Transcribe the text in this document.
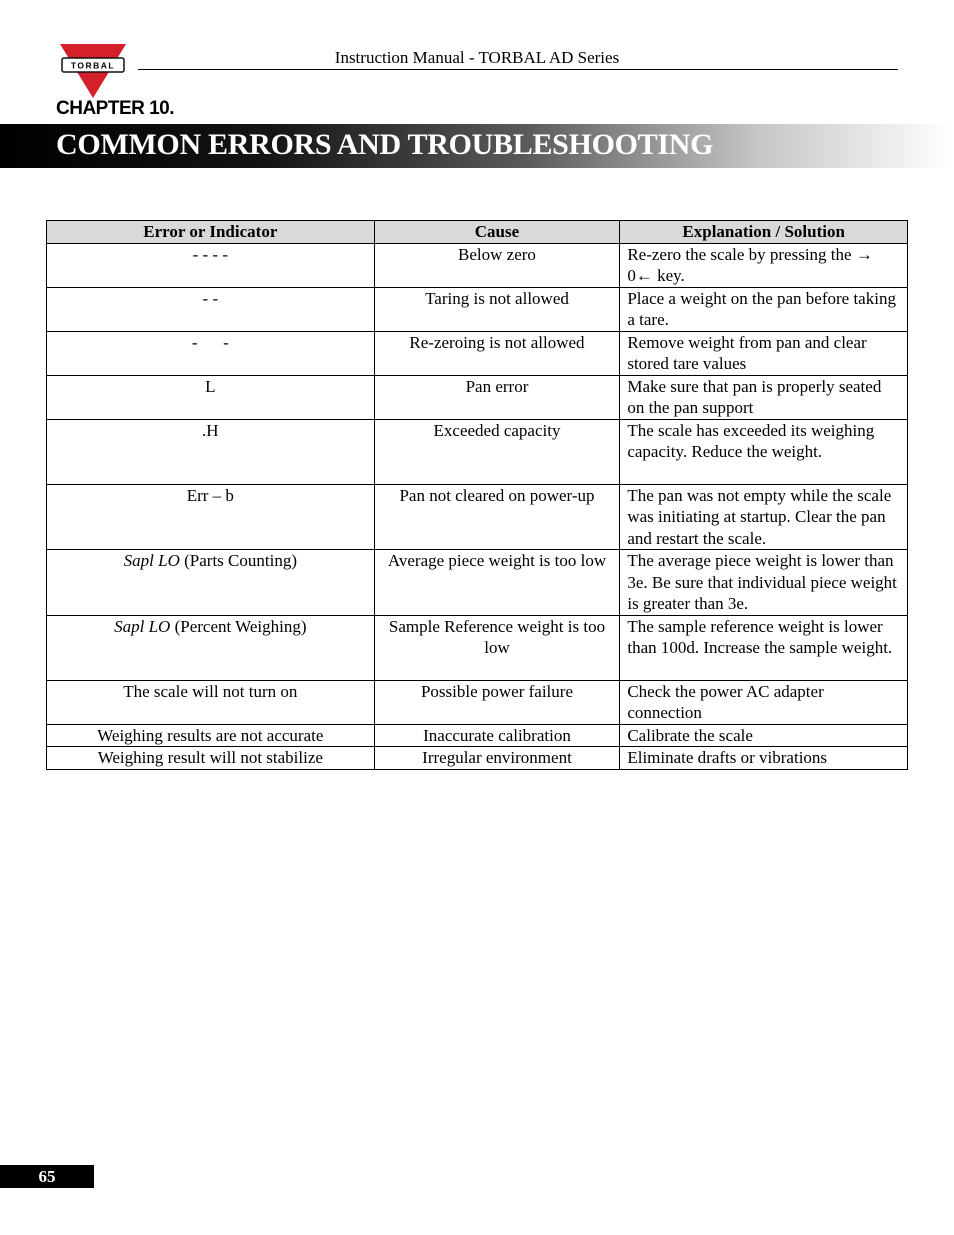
TORBAL	Instruction Manual - TORBAL AD Series
CHAPTER 10.
COMMON ERRORS AND TROUBLESHOOTING
Error or Indicator	Cause	Explanation / Solution
- - - -	Below zero	Re-zero the scale by pressing the → 0← key.
- -	Taring is not allowed	Place a weight on the pan before taking a tare.
-      -	Re-zeroing is not allowed	Remove weight from pan and clear stored tare values
L	Pan error	Make sure that pan is properly seated on the pan support
.H	Exceeded capacity	The scale has exceeded its weighing capacity. Reduce the weight.
Err – b	Pan not cleared on power-up	The pan was not empty while the scale was initiating at startup. Clear the pan and restart the scale.
Sapl LO (Parts Counting)	Average piece weight is too low	The average piece weight is lower than 3e. Be sure that individual piece weight is greater than 3e.
Sapl LO (Percent Weighing)	Sample Reference weight is too low	The sample reference weight is lower than 100d. Increase the sample weight.
The scale will not turn on	Possible power failure	Check the power AC adapter connection
Weighing results are not accurate	Inaccurate calibration	Calibrate the scale
Weighing result will not stabilize	Irregular environment	Eliminate drafts or vibrations
65
